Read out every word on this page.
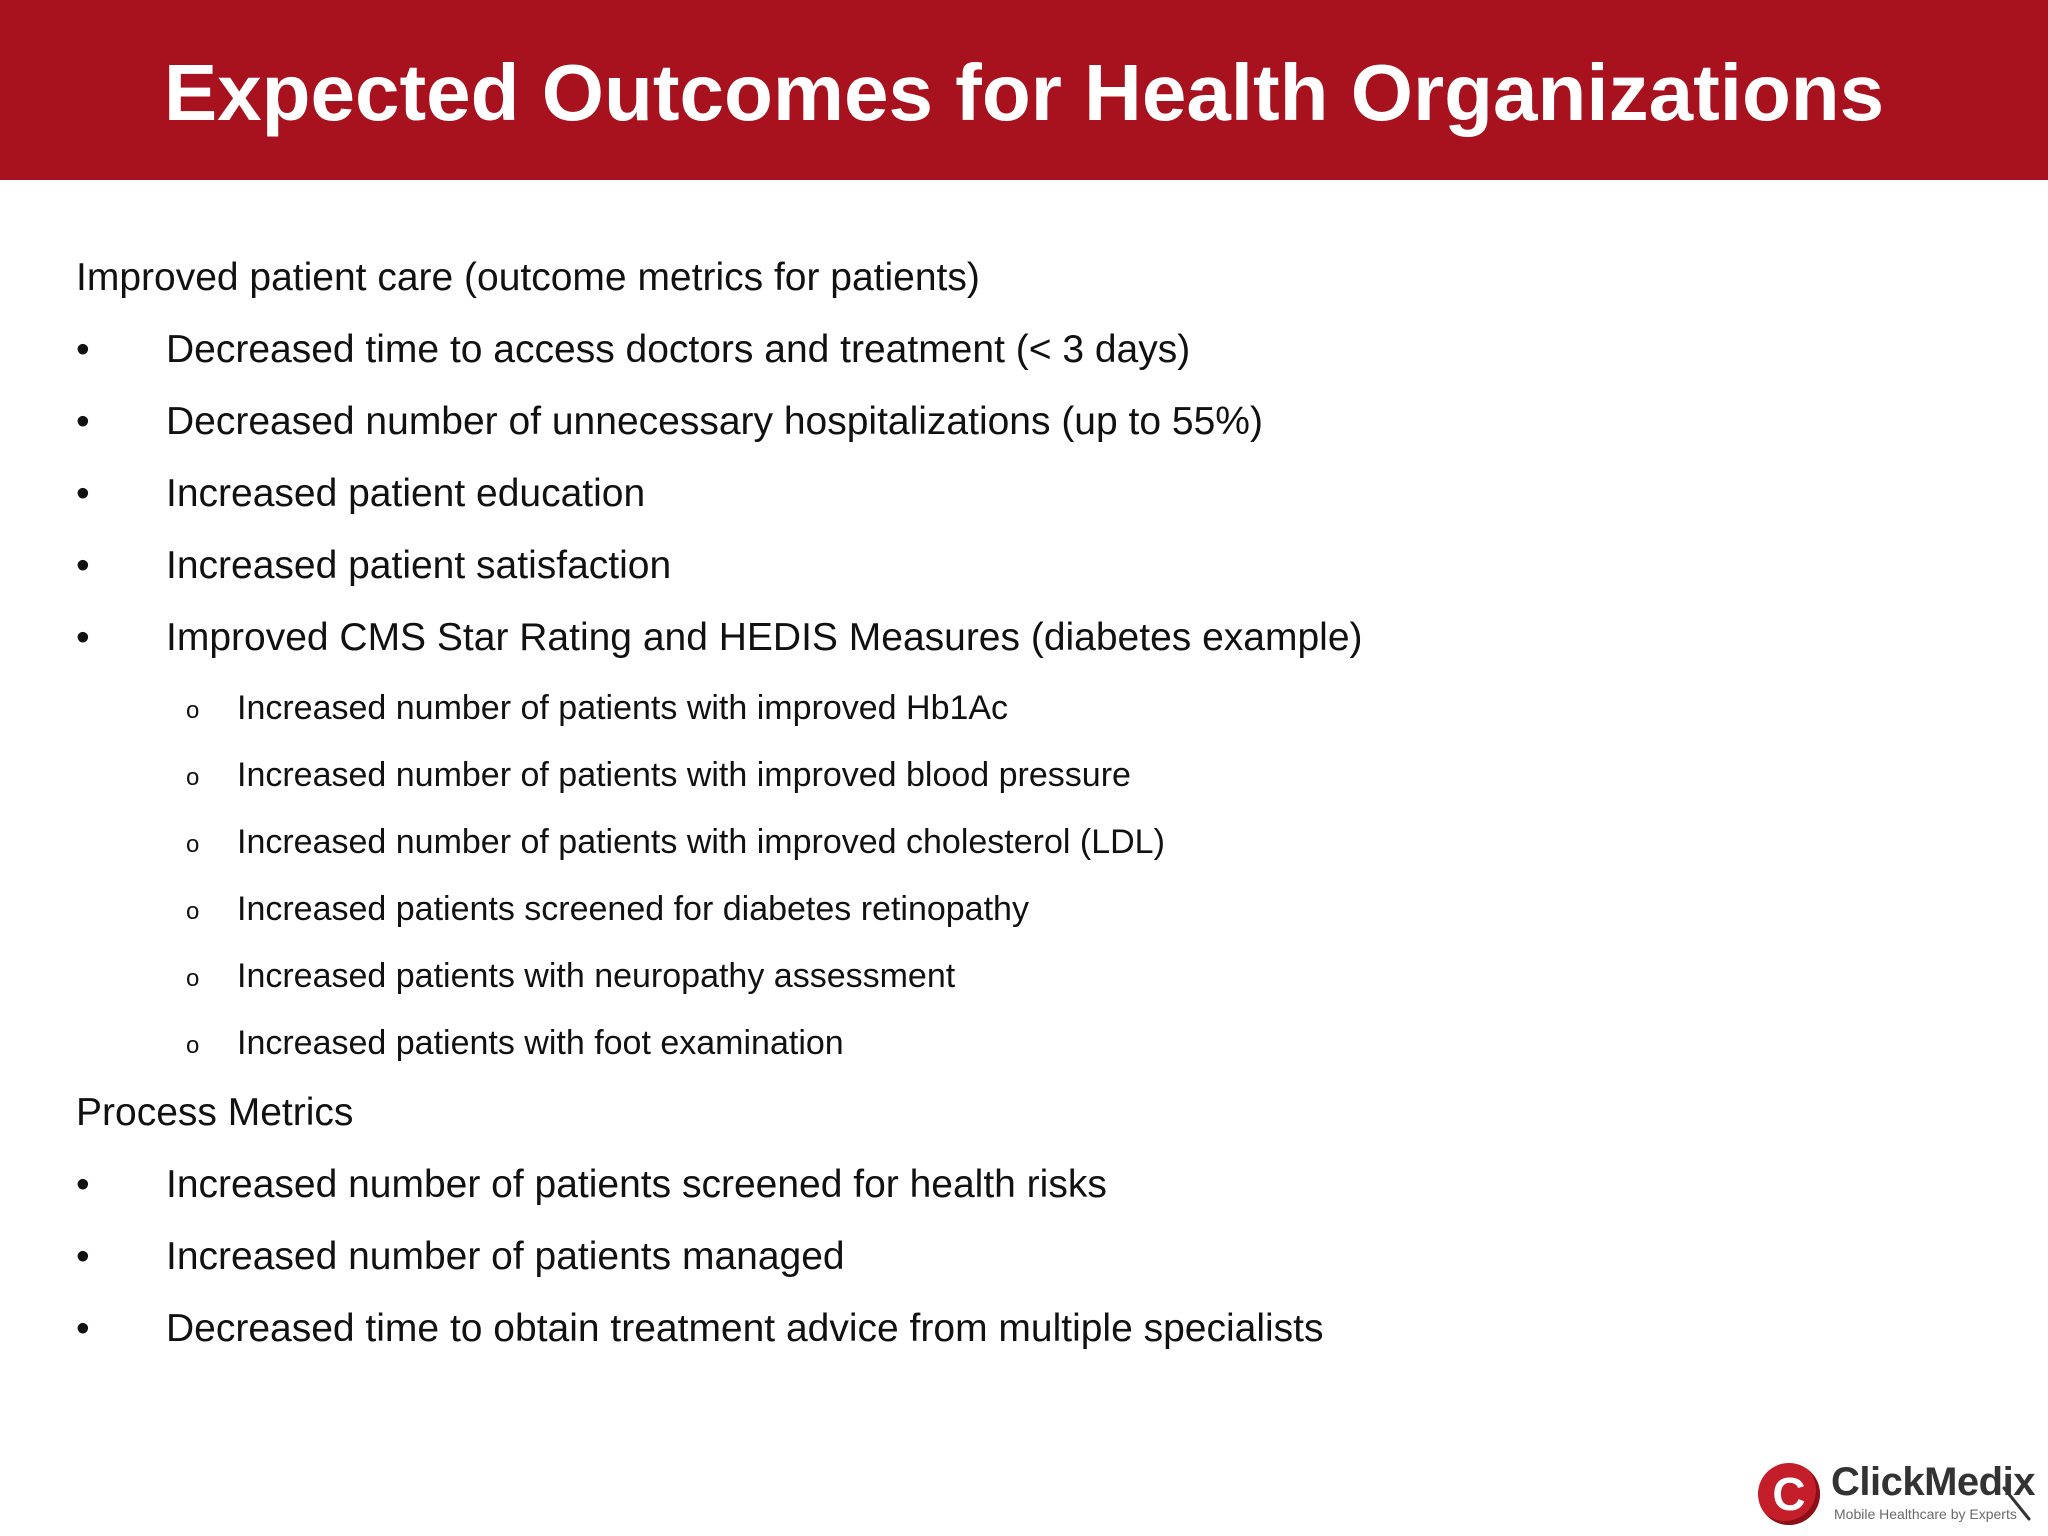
Expected Outcomes for Health Organizations
Improved patient care (outcome metrics for patients)
• Decreased time to access doctors and treatment (< 3 days)
• Decreased number of unnecessary hospitalizations (up to 55%)
• Increased patient education
• Increased patient satisfaction
• Improved CMS Star Rating and HEDIS Measures (diabetes example)
o Increased number of patients with improved Hb1Ac
o Increased number of patients with improved blood pressure
o Increased number of patients with improved cholesterol (LDL)
o Increased patients screened for diabetes retinopathy
o Increased patients with neuropathy assessment
o Increased patients with foot examination
Process Metrics
• Increased number of patients screened for health risks
• Increased number of patients managed
• Decreased time to obtain treatment advice from multiple specialists
C ClickMedix
Mobile Healthcare by Experts
